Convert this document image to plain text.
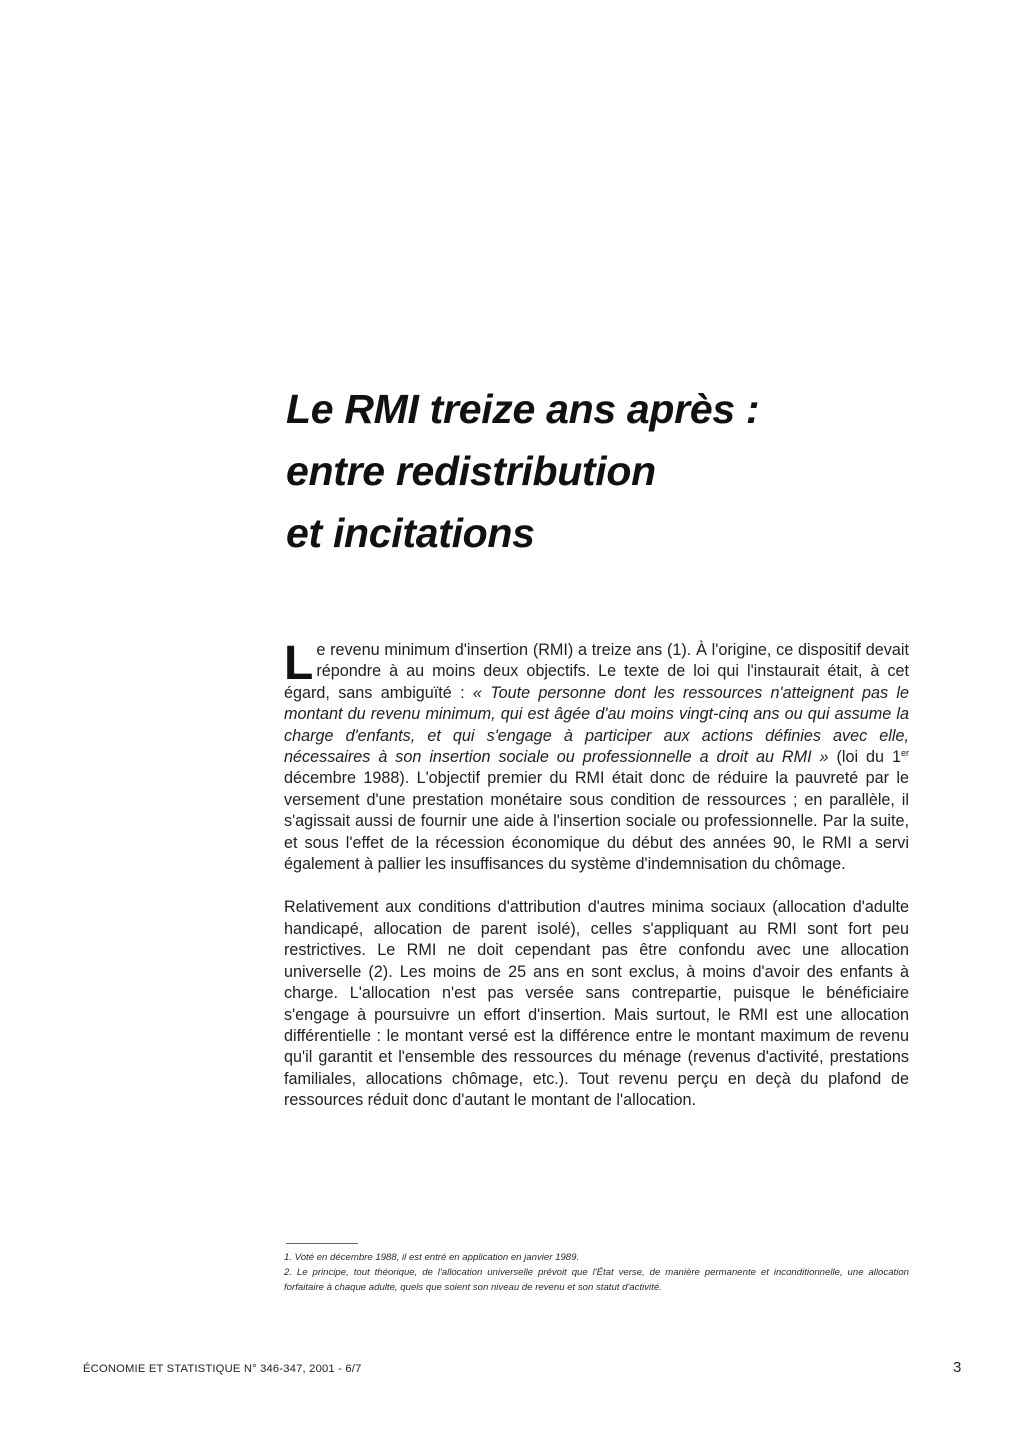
Le RMI treize ans après :
entre redistribution
et incitations

Le revenu minimum d'insertion (RMI) a treize ans (1). À l'origine, ce dispositif devait répondre à au moins deux objectifs. Le texte de loi qui l'instaurait était, à cet égard, sans ambiguïté : « Toute personne dont les ressources n'atteignent pas le montant du revenu minimum, qui est âgée d'au moins vingt-cinq ans ou qui assume la charge d'enfants, et qui s'engage à participer aux actions définies avec elle, nécessaires à son insertion sociale ou professionnelle a droit au RMI » (loi du 1er décembre 1988). L'objectif premier du RMI était donc de réduire la pauvreté par le versement d'une prestation monétaire sous condition de ressources ; en parallèle, il s'agissait aussi de fournir une aide à l'insertion sociale ou professionnelle. Par la suite, et sous l'effet de la récession économique du début des années 90, le RMI a servi également à pallier les insuffisances du système d'indemnisation du chômage.

Relativement aux conditions d'attribution d'autres minima sociaux (allocation d'adulte handicapé, allocation de parent isolé), celles s'appliquant au RMI sont fort peu restrictives. Le RMI ne doit cependant pas être confondu avec une allocation universelle (2). Les moins de 25 ans en sont exclus, à moins d'avoir des enfants à charge. L'allocation n'est pas versée sans contrepartie, puisque le bénéficiaire s'engage à poursuivre un effort d'insertion. Mais surtout, le RMI est une allocation différentielle : le montant versé est la différence entre le montant maximum de revenu qu'il garantit et l'ensemble des ressources du ménage (revenus d'activité, prestations familiales, allocations chômage, etc.). Tout revenu perçu en deçà du plafond de ressources réduit donc d'autant le montant de l'allocation.

1. Voté en décembre 1988, il est entré en application en janvier 1989.

2. Le principe, tout théorique, de l'allocation universelle prévoit que l'État verse, de manière permanente et inconditionnelle, une allocation forfaitaire à chaque adulte, quels que soient son niveau de revenu et son statut d'activité.

ÉCONOMIE ET STATISTIQUE N° 346-347, 2001 - 6/7	3
